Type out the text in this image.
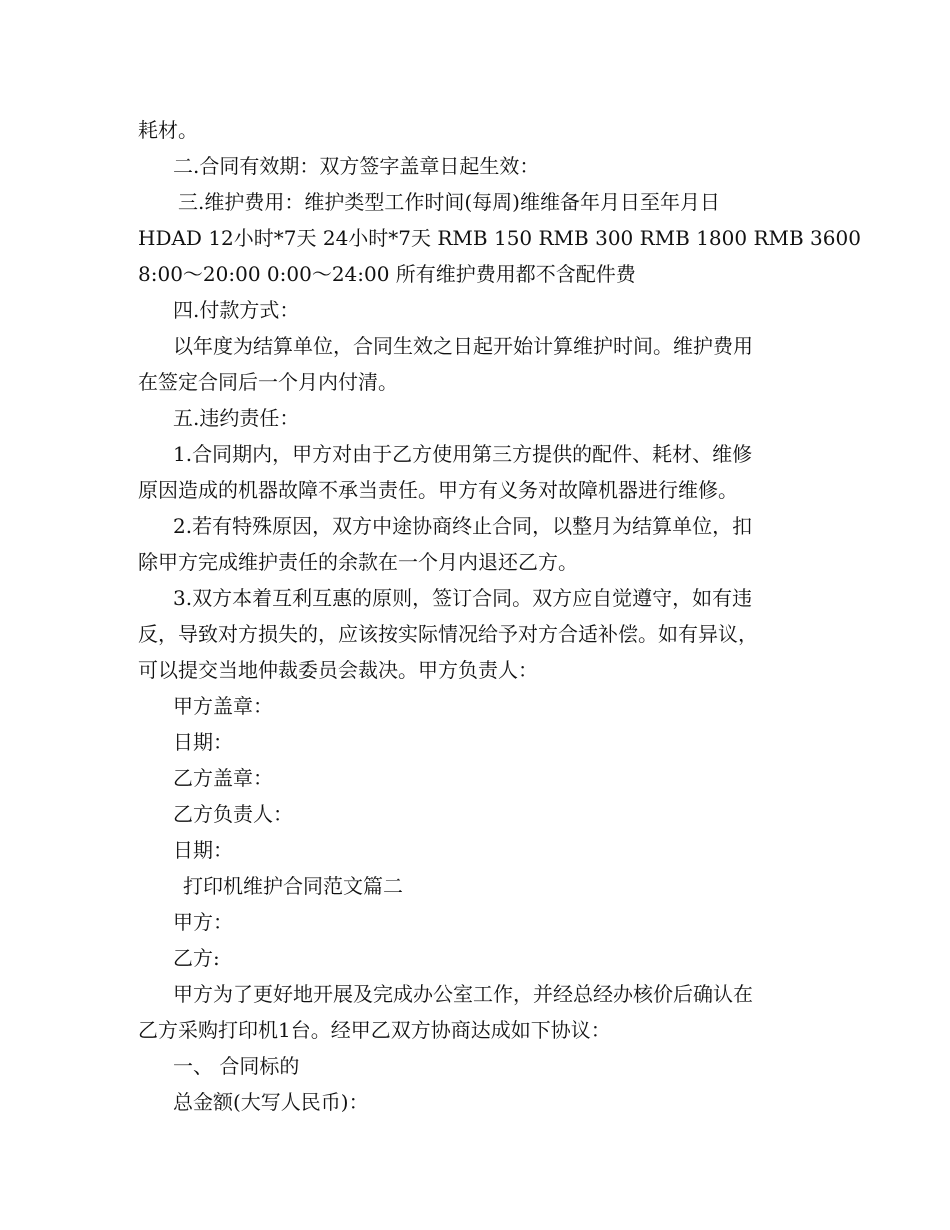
耗材。
二.合同有效期：双方签字盖章日起生效：
三.维护费用：维护类型工作时间(每周)维维备年月日至年月日
HDAD 12小时*7天 24小时*7天 RMB 150 RMB 300 RMB 1800 RMB 3600
8:00～20:00 0:00～24:00 所有维护费用都不含配件费
四.付款方式：
以年度为结算单位，合同生效之日起开始计算维护时间。维护费用
在签定合同后一个月内付清。
五.违约责任：
1.合同期内，甲方对由于乙方使用第三方提供的配件、耗材、维修
原因造成的机器故障不承当责任。甲方有义务对故障机器进行维修。
2.若有特殊原因，双方中途协商终止合同，以整月为结算单位，扣
除甲方完成维护责任的余款在一个月内退还乙方。
3.双方本着互利互惠的原则，签订合同。双方应自觉遵守，如有违
反，导致对方损失的，应该按实际情况给予对方合适补偿。如有异议，
可以提交当地仲裁委员会裁决。甲方负责人：
甲方盖章：
日期：
乙方盖章：
乙方负责人：
日期：
打印机维护合同范文篇二
甲方：
乙方:
甲方为了更好地开展及完成办公室工作，并经总经办核价后确认在
乙方采购打印机1台。经甲乙双方协商达成如下协议：
一、 合同标的
总金额(大写人民币)：
